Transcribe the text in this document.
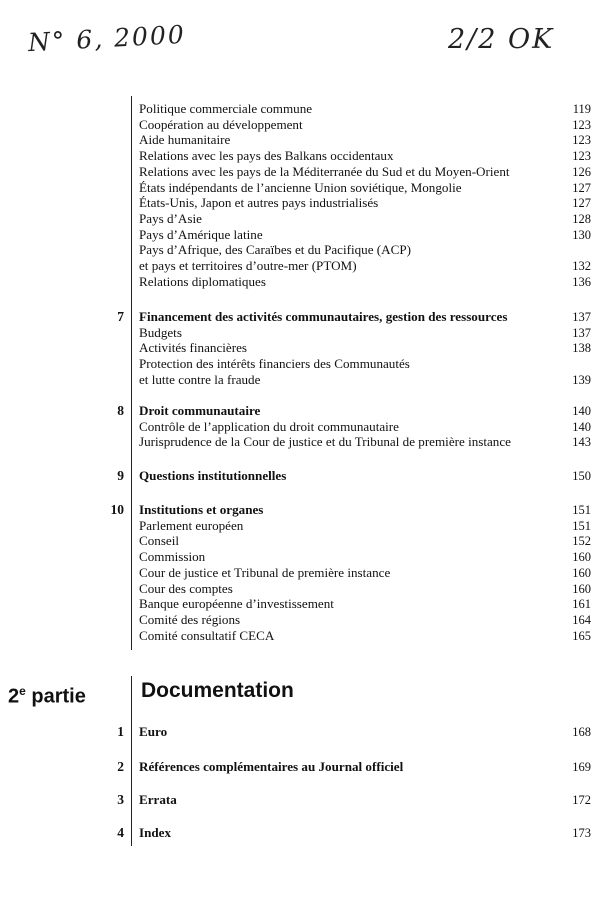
N° 6, 2000	2/2 OK
Politique commerciale commune	119
Coopération au développement	123
Aide humanitaire	123
Relations avec les pays des Balkans occidentaux	123
Relations avec les pays de la Méditerranée du Sud et du Moyen-Orient	126
États indépendants de l’ancienne Union soviétique, Mongolie	127
États-Unis, Japon et autres pays industrialisés	127
Pays d’Asie	128
Pays d’Amérique latine	130
Pays d’Afrique, des Caraïbes et du Pacifique (ACP)
et pays et territoires d’outre-mer (PTOM)	132
Relations diplomatiques	136
7 Financement des activités communautaires, gestion des ressources	137
Budgets	137
Activités financières	138
Protection des intérêts financiers des Communautés
et lutte contre la fraude	139
8 Droit communautaire	140
Contrôle de l’application du droit communautaire	140
Jurisprudence de la Cour de justice et du Tribunal de première instance	143
9 Questions institutionnelles	150
10 Institutions et organes	151
Parlement européen	151
Conseil	152
Commission	160
Cour de justice et Tribunal de première instance	160
Cour des comptes	160
Banque européenne d’investissement	161
Comité des régions	164
Comité consultatif CECA	165
1 Euro	168
2 Références complémentaires au Journal officiel	169
3 Errata	172
4 Index	173
2e partie	Documentation
